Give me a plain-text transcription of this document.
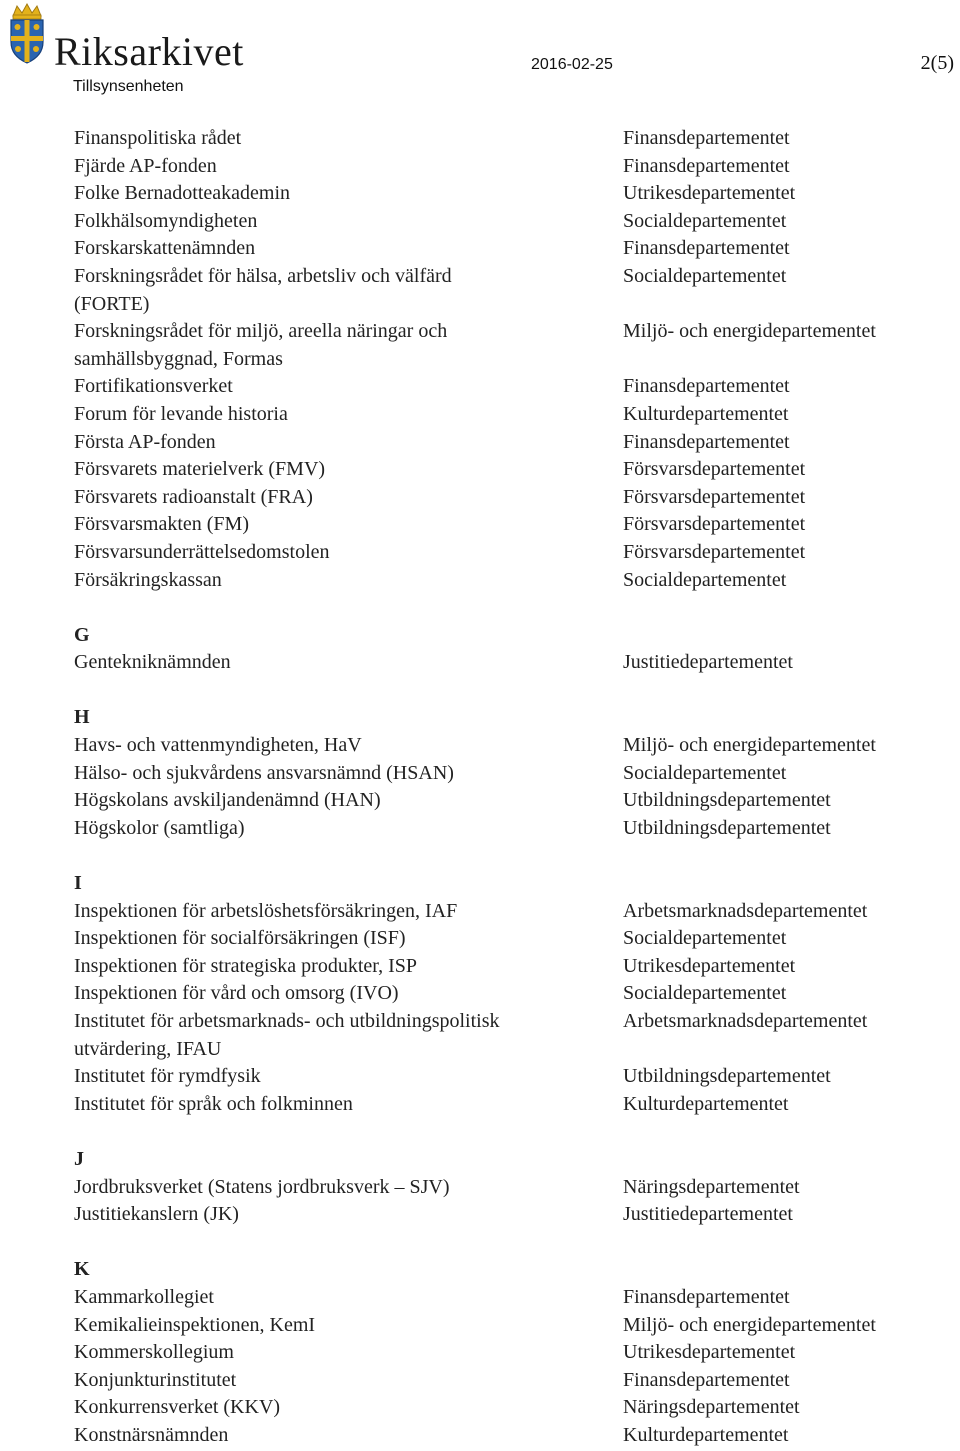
Riksarkivet
Tillsynsenheten
2016-02-25	2(5)
Finanspolitiska rådet	Finansdepartementet
Fjärde AP-fonden	Finansdepartementet
Folke Bernadotteakademin	Utrikesdepartementet
Folkhälsomyndigheten	Socialdepartementet
Forskarskattenämnden	Finansdepartementet
Forskningsrådet för hälsa, arbetsliv och välfärd	Socialdepartementet
(FORTE)
Forskningsrådet för miljö, areella näringar och	Miljö- och energidepartementet
samhällsbyggnad, Formas
Fortifikationsverket	Finansdepartementet
Forum för levande historia	Kulturdepartementet
Första AP-fonden	Finansdepartementet
Försvarets materielverk (FMV)	Försvarsdepartementet
Försvarets radioanstalt (FRA)	Försvarsdepartementet
Försvarsmakten (FM)	Försvarsdepartementet
Försvarsunderrättelsedomstolen	Försvarsdepartementet
Försäkringskassan	Socialdepartementet
G
Gentekniknämnden	Justitiedepartementet
H
Havs- och vattenmyndigheten, HaV	Miljö- och energidepartementet
Hälso- och sjukvårdens ansvarsnämnd (HSAN)	Socialdepartementet
Högskolans avskiljandenämnd (HAN)	Utbildningsdepartementet
Högskolor (samtliga)	Utbildningsdepartementet
I
Inspektionen för arbetslöshetsförsäkringen, IAF	Arbetsmarknadsdepartementet
Inspektionen för socialförsäkringen (ISF)	Socialdepartementet
Inspektionen för strategiska produkter, ISP	Utrikesdepartementet
Inspektionen för vård och omsorg (IVO)	Socialdepartementet
Institutet för arbetsmarknads- och utbildningspolitisk	Arbetsmarknadsdepartementet
utvärdering, IFAU
Institutet för rymdfysik	Utbildningsdepartementet
Institutet för språk och folkminnen	Kulturdepartementet
J
Jordbruksverket (Statens jordbruksverk – SJV)	Näringsdepartementet
Justitiekanslern (JK)	Justitiedepartementet
K
Kammarkollegiet	Finansdepartementet
Kemikalieinspektionen, KemI	Miljö- och energidepartementet
Kommerskollegium	Utrikesdepartementet
Konjunkturinstitutet	Finansdepartementet
Konkurrensverket (KKV)	Näringsdepartementet
Konstnärsnämnden	Kulturdepartementet
